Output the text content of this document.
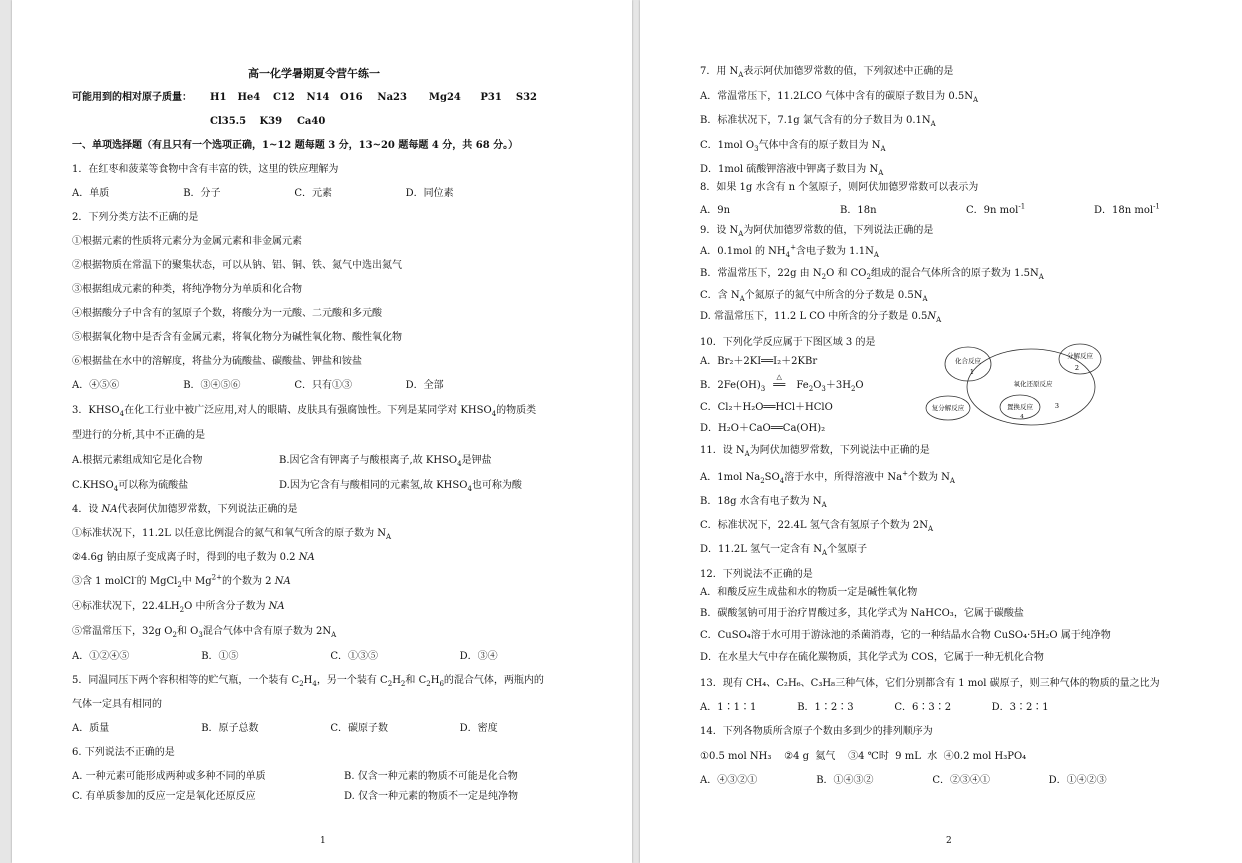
高一化学暑期夏令营午练一
可能用到的相对原子质量： H1 He4 C12 N14 O16 Na23 Mg24 P31 S32
Cl35.5 K39 Ca40
一、单项选择题（有且只有一个选项正确，1~12 题每题 3 分，13~20 题每题 4 分，共 68 分。）
1．在红枣和菠菜等食物中含有丰富的铁，这里的铁应理解为
A．单质	B．分子	C．元素	D．同位素
2．下列分类方法不正确的是
①根据元素的性质将元素分为金属元素和非金属元素
②根据物质在常温下的聚集状态，可以从钠、铝、铜、铁、氮气中选出氮气
③根据组成元素的种类，将纯净物分为单质和化合物
④根据酸分子中含有的氢原子个数，将酸分为一元酸、二元酸和多元酸
⑤根据氧化物中是否含有金属元素，将氧化物分为碱性氧化物、酸性氧化物
⑥根据盐在水中的溶解度，将盐分为硫酸盐、碳酸盐、钾盐和铵盐
A．④⑤⑥	B．③④⑤⑥	C．只有①③	D．全部
3．$KHSO_4$在化工行业中被广泛应用,对人的眼睛、皮肤具有强腐蚀性。下列是某同学对 $KHSO_4$的物质类
型进行的分析,其中不正确的是
A.根据元素组成知它是化合物	B.因它含有钾离子与酸根离子,故 $KHSO_4$是钾盐
$C.KHSO_4$可以称为硫酸盐	D.因为它含有与酸相同的元素氢,故 $KHSO_4$也可称为酸
4．设 NA代表阿伏加德罗常数，下列说法正确的是
①标准状况下，11.2L 以任意比例混合的氮气和氧气所含的原子数为 $N_A$
②4.6g 钠由原子变成离子时，得到的电子数为 0.2 NA
③含 1 molCl-的 MgCl$_2$中 $Mg^{2+}$的个数为 2 NA
④标准状况下，$22.4LH_2O$ 中所含分子数为 NA
⑤常温常压下，32g $O_2$和 $O_3$混合气体中含有原子数为 $2N_A$
A．①②④⑤	B．①⑤	C．①③⑤	D．③④
5．同温同压下两个容积相等的贮气瓶，一个装有 $C_2H_4$，另一个装有 $C_2H_2$和 $C_2H_6$的混合气体，两瓶内的
气体一定具有相同的
A．质量	B．原子总数	C．碳原子数	D．密度
6. 下列说法不正确的是
A. 一种元素可能形成两种或多种不同的单质	B. 仅含一种元素的物质不可能是化合物
C. 有单质参加的反应一定是氧化还原反应	D. 仅含一种元素的物质不一定是纯净物
1
7．用 $N_A$表示阿伏加德罗常数的值，下列叙述中正确的是
A．常温常压下，11.2LCO 气体中含有的碳原子数目为 $0.5N_A$
B．标准状况下，7.1g 氯气含有的分子数目为 $0.1N_A$
C．1mol $O_3$气体中含有的原子数目为 $N_A$
D．1mol 硫酸钾溶液中钾离子数目为 $N_A$
8．如果 1g 水含有 n 个氢原子，则阿伏加德罗常数可以表示为
A．9n	B．18n	C．9n mol$^{-1}$	D．18n mol$^{-1}$
9．设 $N_A$为阿伏加德罗常数的值，下列说法正确的是
A．0.1mol 的 $NH_4^+$含电子数为 $1.1N_A$
B．常温常压下，22g 由 $N_2O$ 和 $CO_2$组成的混合气体所含的原子数为 $1.5N_A$
C．含 $N_A$个氮原子的氮气中所含的分子数是 $0.5N_A$
D. 常温常压下，11.2 L CO 中所含的分子数是 $0.5N_A$
10．下列化学反应属于下图区域 3 的是
A．Br₂＋2KI══I₂＋2KBr
B．$2Fe(OH)_3$
△
══ $Fe_2O_3+3H_2O$
C．Cl₂＋H₂O══HCl＋HClO
D．H₂O＋CaO══Ca(OH)₂
化合反应
1
分解反应
2
氧化还原反应
复分解反应	置换反应
4
3
11．设 $N_A$为阿伏加德罗常数，下列说法中正确的是
A．1mol $Na_2SO_4$溶于水中，所得溶液中 Na+个数为 $N_A$
B．18g 水含有电子数为 $N_A$
C．标准状况下，22.4L 氢气含有氢原子个数为 $2N_A$
D．11.2L 氢气一定含有 $N_A$个氢原子
12．下列说法不正确的是
A．和酸反应生成盐和水的物质一定是碱性氧化物
B．碳酸氢钠可用于治疗胃酸过多，其化学式为 NaHCO₃，它属于碳酸盐
C．CuSO₄溶于水可用于游泳池的杀菌消毒，它的一种结晶水合物 CuSO₄·5H₂O 属于纯净物
D．在水星大气中存在硫化羰物质，其化学式为 COS，它属于一种无机化合物
13．现有 CH₄、C₂H₆、C₃H₈三种气体，它们分别都含有 1 mol 碳原子，则三种气体的物质的量之比为
A．1∶1∶1	B．1∶2∶3	C．6∶3∶2	D．3∶2∶1
14．下列各物质所含原子个数由多到少的排列顺序为
①0.5 mol NH₃    ②4 g  氦气    ③4 ℃时  9 mL  水  ④0.2 mol H₃PO₄
A．④③②①	B．①④③②	C．②③④①	D．①④②③
2
